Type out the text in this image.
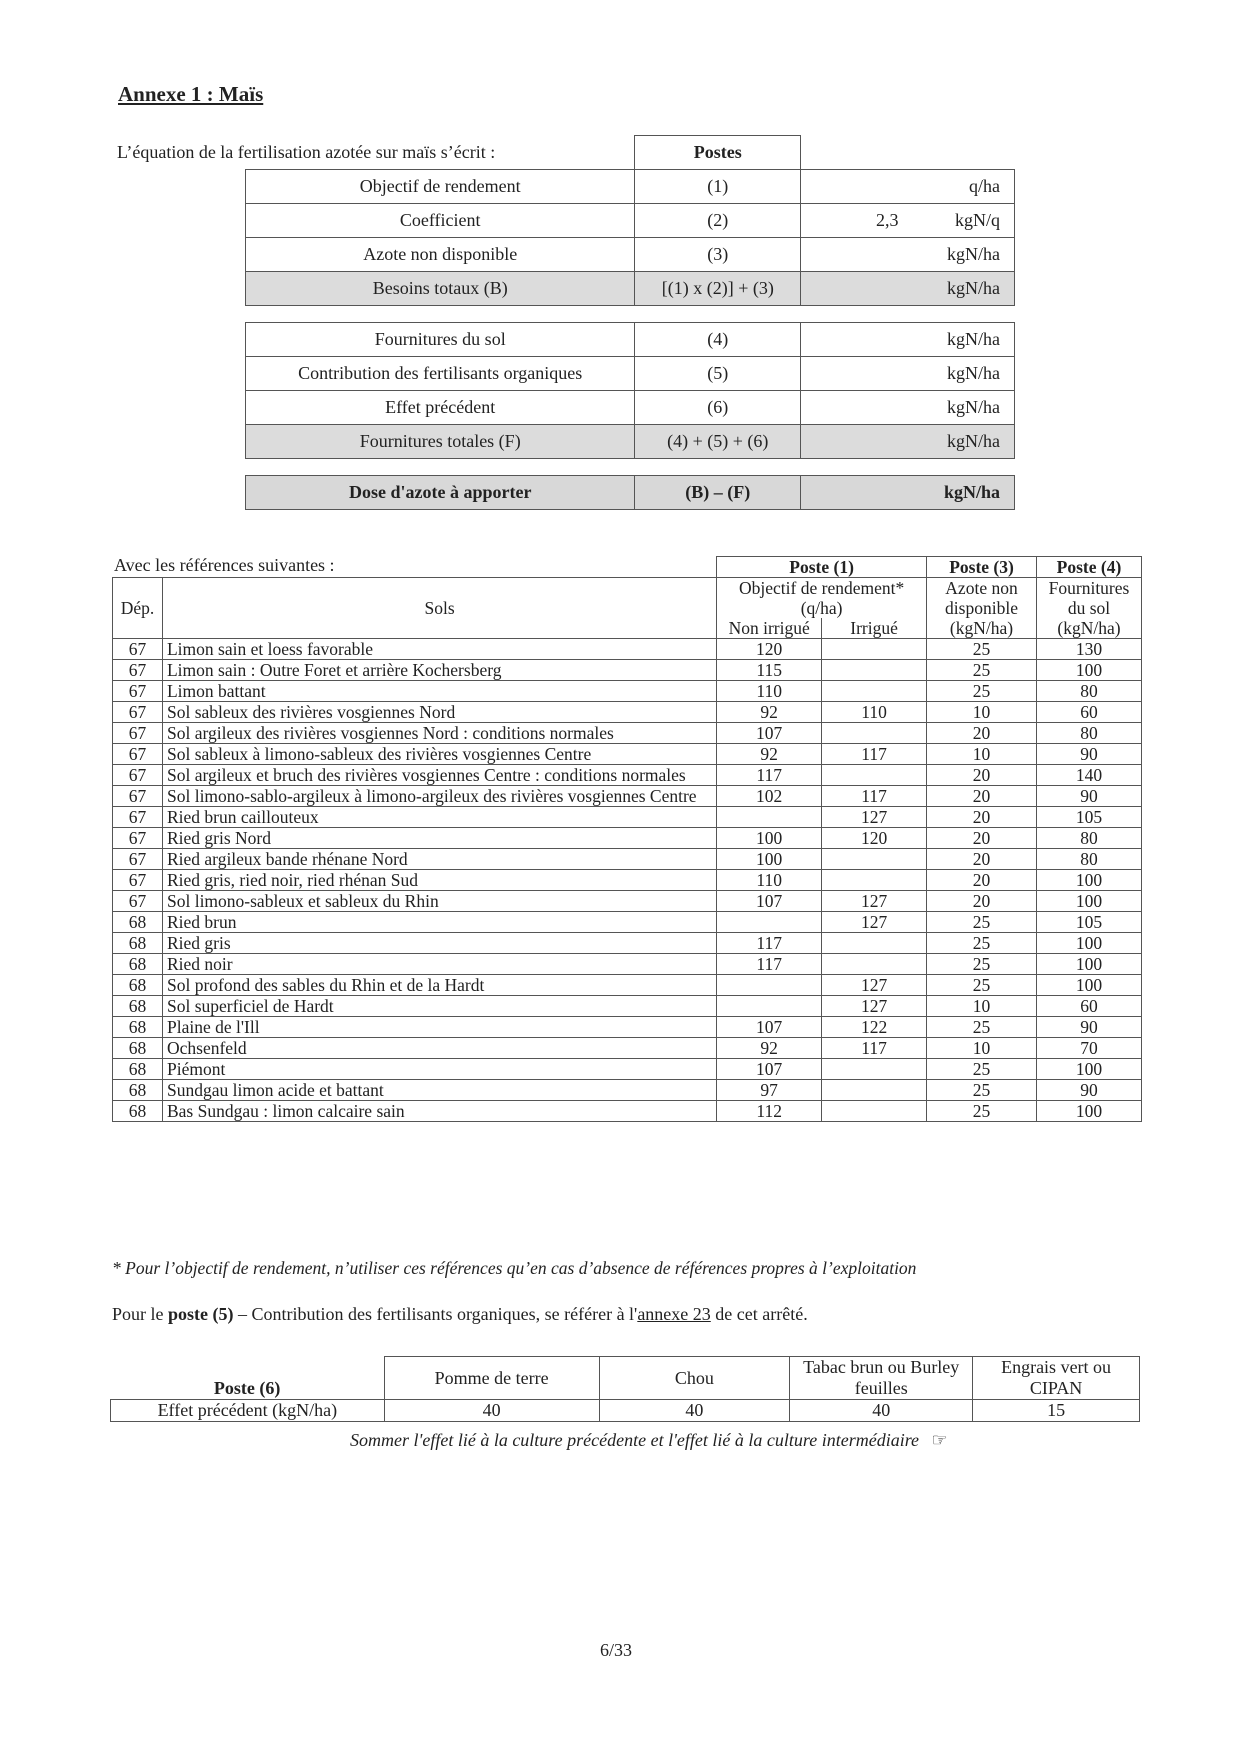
Annexe 1 : Maïs
L’équation de la fertilisation azotée sur maïs s’écrit :
		Postes		
Objectif de rendement	(1)		q/ha
Coefficient	(2)	2,3	kgN/q
Azote non disponible	(3)		kgN/ha
Besoins totaux (B)	[(1) x (2)] + (3)		kgN/ha

Fournitures du sol	(4)		kgN/ha
Contribution des fertilisants organiques	(5)		kgN/ha
Effet précédent	(6)		kgN/ha
Fournitures totales (F)	(4) + (5) + (6)		kgN/ha

Dose d'azote à apporter	(B) – (F)		kgN/ha
Avec les références suivantes :
		Poste (1)		Poste (3)	Poste (4)
Dép.	Sols	Objectif de rendement* (q/ha)		Azote non disponible (kgN/ha)	Fournitures du sol (kgN/ha)
		Non irrigué	Irrigué		
67	Limon sain et loess favorable	120		25	130
67	Limon sain : Outre Foret et arrière Kochersberg	115		25	100
67	Limon battant	110		25	80
67	Sol sableux des rivières vosgiennes Nord	92	110	10	60
67	Sol argileux des rivières vosgiennes Nord : conditions normales	107		20	80
67	Sol sableux à limono-sableux des rivières vosgiennes Centre	92	117	10	90
67	Sol argileux et bruch des rivières vosgiennes Centre : conditions normales	117		20	140
67	Sol limono-sablo-argileux à limono-argileux des rivières vosgiennes Centre	102	117	20	90
67	Ried brun caillouteux		127	20	105
67	Ried gris Nord	100	120	20	80
67	Ried argileux bande rhénane Nord	100		20	80
67	Ried gris, ried noir, ried rhénan Sud	110		20	100
67	Sol limono-sableux et sableux du Rhin	107	127	20	100
68	Ried brun		127	25	105
68	Ried gris	117		25	100
68	Ried noir	117		25	100
68	Sol profond des sables du Rhin et de la Hardt		127	25	100
68	Sol superficiel de Hardt		127	10	60
68	Plaine de l'Ill	107	122	25	90
68	Ochsenfeld	92	117	10	70
68	Piémont	107		25	100
68	Sundgau limon acide et battant	97		25	90
68	Bas Sundgau : limon calcaire sain	112		25	100
* Pour l’objectif de rendement, n’utiliser ces références qu’en cas d’absence de références propres à l’exploitation
Pour le poste (5) – Contribution des fertilisants organiques, se référer à l'annexe 23 de cet arrêté.
Poste (6)	Pomme de terre	Chou	Tabac brun ou Burley feuilles	Engrais vert ou CIPAN
Effet précédent (kgN/ha)	40	40	40	15
Sommer l'effet lié à la culture précédente et l'effet lié à la culture intermédiaire ☞
6/33
